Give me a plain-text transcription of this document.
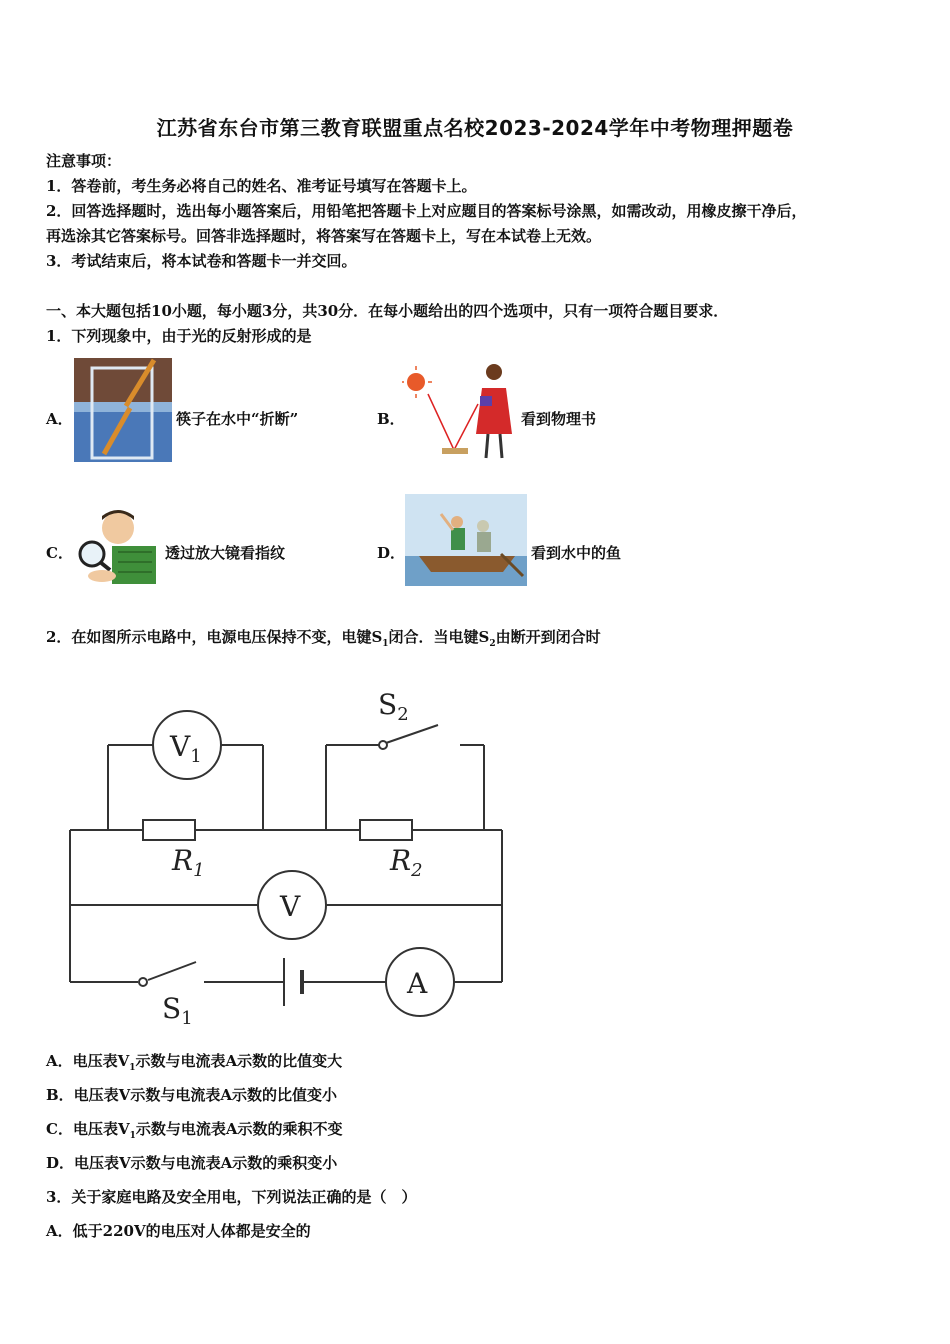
江苏省东台市第三教育联盟重点名校2023-2024学年中考物理押题卷
注意事项：
1．答卷前，考生务必将自己的姓名、准考证号填写在答题卡上。
2．回答选择题时，选出每小题答案后，用铅笔把答题卡上对应题目的答案标号涂黑，如需改动，用橡皮擦干净后，
再选涂其它答案标号。回答非选择题时，将答案写在答题卡上，写在本试卷上无效。
3．考试结束后，将本试卷和答题卡一并交回。
一、本大题包括10小题，每小题3分，共30分．在每小题给出的四个选项中，只有一项符合题目要求．
1．下列现象中，由于光的反射形成的是
A．	筷子在水中“折断”	B．	看到物理书
C．	透过放大镜看指纹	D．	看到水中的鱼
2．在如图所示电路中，电源电压保持不变，电键$S_1$闭合．当电键$S_2$由断开到闭合时
$V_1$
V
A
$R_1$	$R_2$
$S_2$
$S_1$
A．电压表$V_1$示数与电流表A示数的比值变大
B．电压表V示数与电流表A示数的比值变小
C．电压表$V_1$示数与电流表A示数的乘积不变
D．电压表V示数与电流表A示数的乘积变小
3．关于家庭电路及安全用电，下列说法正确的是（　）
A．低于220V的电压对人体都是安全的
